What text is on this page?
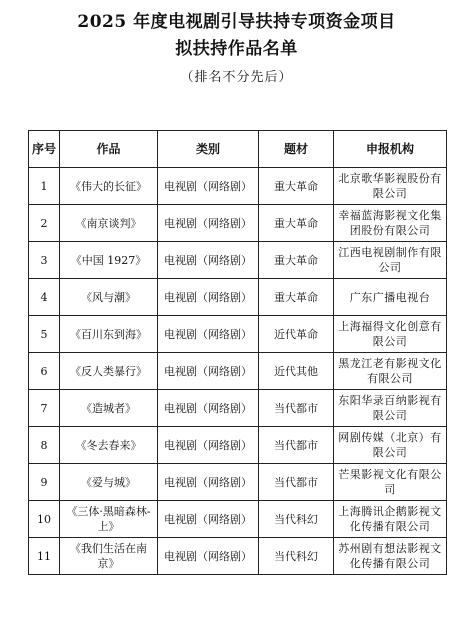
2025 年度电视剧引导扶持专项资金项目
拟扶持作品名单
（排名不分先后）
序号	作品	类别	题材	申报机构
1	《伟大的长征》	电视剧（网络剧）	重大革命	北京歌华影视股份有限公司
2	《南京谈判》	电视剧（网络剧）	重大革命	幸福蓝海影视文化集团股份有限公司
3	《中国 1927》	电视剧（网络剧）	重大革命	江西电视剧制作有限公司
4	《风与潮》	电视剧（网络剧）	重大革命	广东广播电视台
5	《百川东到海》	电视剧（网络剧）	近代革命	上海福得文化创意有限公司
6	《反人类暴行》	电视剧（网络剧）	近代其他	黑龙江老有影视文化有限公司
7	《造城者》	电视剧（网络剧）	当代都市	东阳华录百纳影视有限公司
8	《冬去春来》	电视剧（网络剧）	当代都市	网剧传媒（北京）有限公司
9	《爱与城》	电视剧（网络剧）	当代都市	芒果影视文化有限公司
10	《三体·黑暗森林-上》	电视剧（网络剧）	当代科幻	上海腾讯企鹅影视文化传播有限公司
11	《我们生活在南京》	电视剧（网络剧）	当代科幻	苏州剧有想法影视文化传播有限公司
